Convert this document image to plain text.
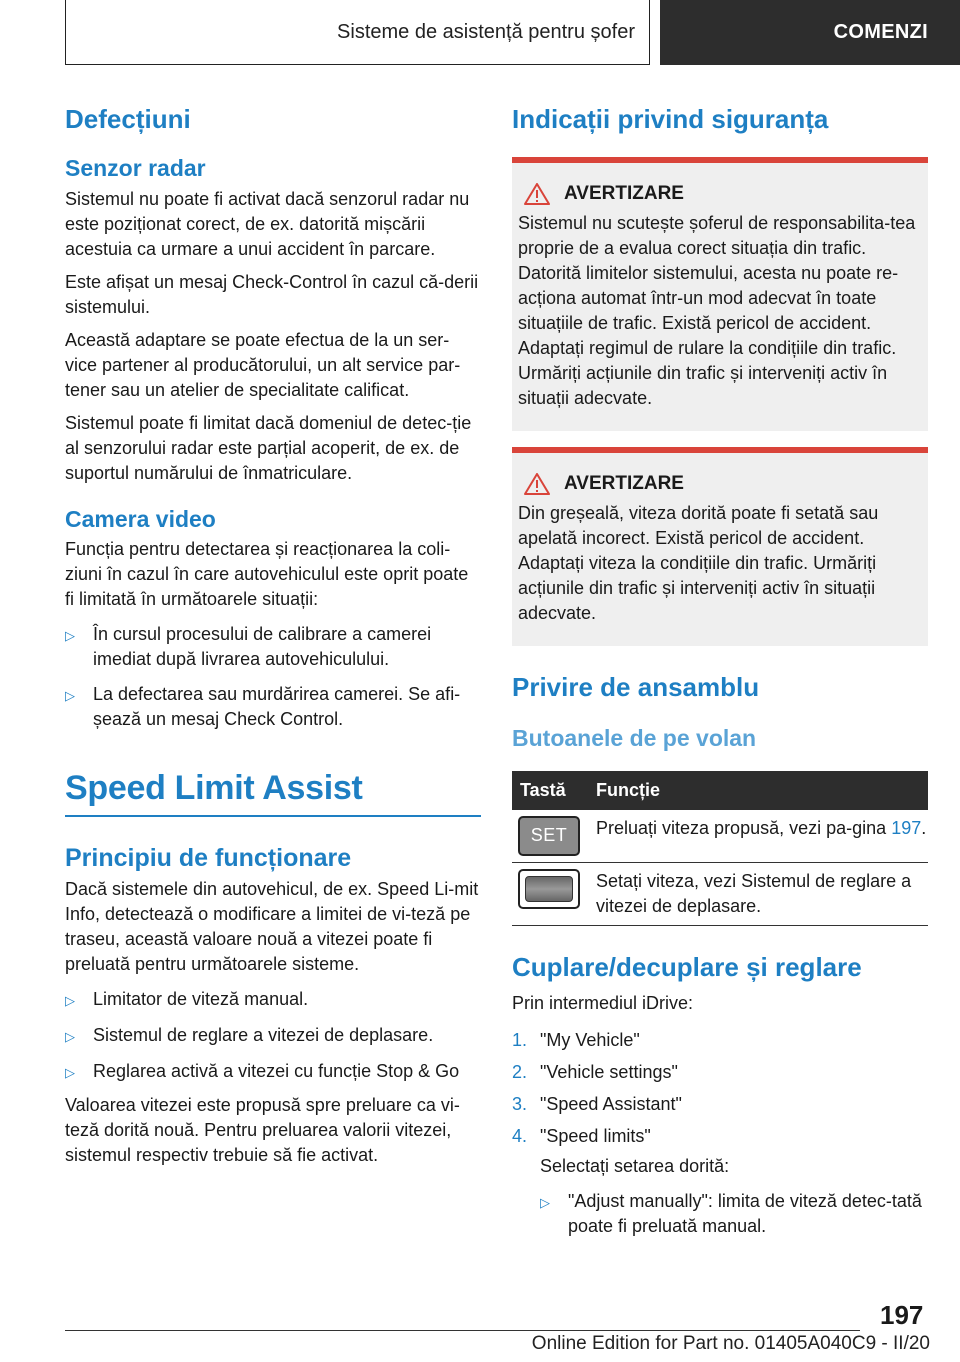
Sisteme de asistență pentru șofer	COMENZI
Defecțiuni
Senzor radar

Sistemul nu poate fi activat dacă senzorul radar nu este poziționat corect, de ex. datorită mișcării acestuia ca urmare a unui accident în parcare.

Este afișat un mesaj Check-Control în cazul că-derii sistemului.

Această adaptare se poate efectua de la un ser-vice partener al producătorului, un alt service par-tener sau un atelier de specialitate calificat.

Sistemul poate fi limitat dacă domeniul de detec-ție al senzorului radar este parțial acoperit, de ex. de suportul numărului de înmatriculare.

Camera video

Funcția pentru detectarea și reacționarea la coli-ziuni în cazul în care autovehiculul este oprit poate fi limitată în următoarele situații:

▷	În cursul procesului de calibrare a camerei imediat după livrarea autovehiculului.
▷	La defectarea sau murdărirea camerei. Se afi-șează un mesaj Check Control.
Speed Limit Assist
Principiu de funcționare

Dacă sistemele din autovehicul, de ex. Speed Li-mit Info, detectează o modificare a limitei de vi-teză pe traseu, această valoare nouă a vitezei poate fi preluată pentru următoarele sisteme.

▷	Limitator de viteză manual.
▷	Sistemul de reglare a vitezei de deplasare.
▷	Reglarea activă a vitezei cu funcție Stop & Go

Valoarea vitezei este propusă spre preluare ca vi-teză dorită nouă. Pentru preluarea valorii vitezei, sistemul respectiv trebuie să fie activat.

Indicații privind siguranța
AVERTIZARE

Sistemul nu scutește șoferul de responsabilita-tea proprie de a evalua corect situația din trafic. Datorită limitelor sistemului, acesta nu poate re-acționa automat într-un mod adecvat în toate situațiile de trafic. Există pericol de accident. Adaptați regimul de rulare la condițiile din trafic. Urmăriți acțiunile din trafic și interveniți activ în situații adecvate.

AVERTIZARE

Din greșeală, viteza dorită poate fi setată sau apelată incorect. Există pericol de accident. Adaptați viteza la condițiile din trafic. Urmăriți acțiunile din trafic și interveniți activ în situații adecvate.

Privire de ansamblu
Butoanele de pe volan
Tastă	Funcție

SET	Preluați viteza propusă, vezi pa-gina 197.

	Setați viteza, vezi Sistemul de reglare a vitezei de deplasare.
Cuplare/decuplare și reglare

Prin intermediul iDrive:

1. "My Vehicle"
2. "Vehicle settings"
3. "Speed Assistant"
4. "Speed limits"

Selectați setarea dorită:

▷	"Adjust manually": limita de viteză detec-tată poate fi preluată manual.
197
Online Edition for Part no. 01405A040C9 - II/20
